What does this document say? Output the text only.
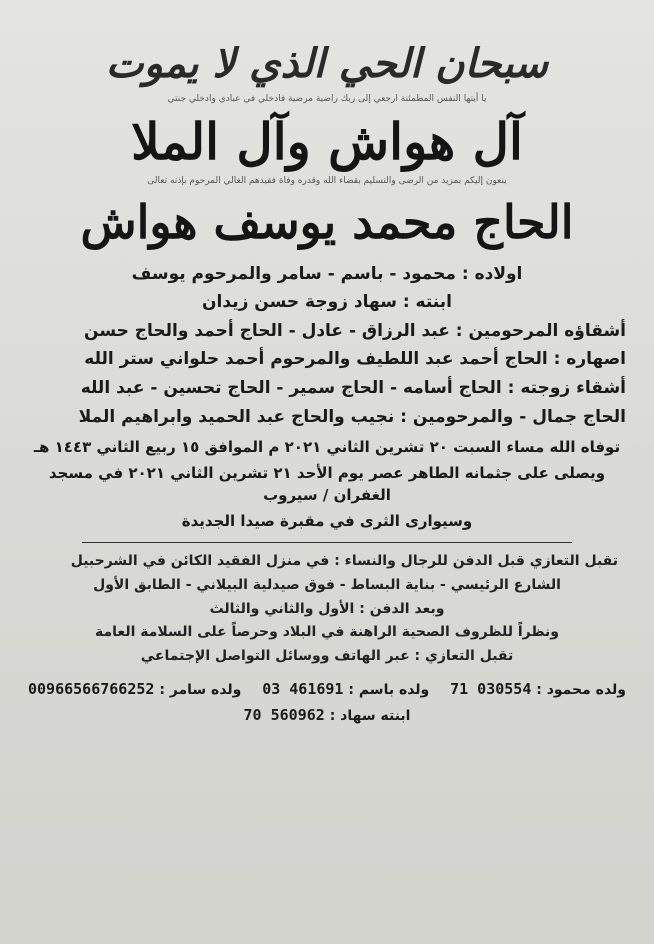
سبحان الحي الذي لا يموت
يا أيتها النفس المطمئنة ارجعي إلى ربك راضية مرضية فادخلي في عبادي وادخلي جنتي
آل هواش وآل الملا
ينعون إليكم بمزيد من الرضى والتسليم بقضاء الله وقدره وفاة فقيدهم الغالي المرحوم بإذنه تعالى
الحاج محمد يوسف هواش
اولاده : محمود - باسم - سامر والمرحوم يوسف
ابنته : سهاد زوجة حسن زيدان
أشقاؤه المرحومين : عبد الرزاق - عادل - الحاج أحمد والحاج حسن
اصهاره : الحاج أحمد عبد اللطيف والمرحوم أحمد حلواني ستر الله
أشقاء زوجته : الحاج أسامه - الحاج سمير - الحاج تحسين - عبد الله
الحاج جمال - والمرحومين : نجيب والحاج عبد الحميد وابراهيم الملا
توفاه الله مساء السبت ٢٠ تشرين الثاني ٢٠٢١ م الموافق ١٥ ربيع الثاني ١٤٤٣ هـ
ويصلى على جثمانه الطاهر عصر يوم الأحد ٢١ تشرين الثاني ٢٠٢١ في مسجد الغفران / سيروب
وسيوارى الثرى في مقبرة صيدا الجديدة
تقبل التعازي قبل الدفن للرجال والنساء : في منزل الفقيد الكائن في الشرحبيل
الشارع الرئيسي - بناية البساط - فوق صيدلية البيلاني - الطابق الأول
وبعد الدفن : الأول والثاني والثالث
ونظراً للظروف الصحية الراهنة في البلاد وحرصاً على السلامة العامة
تقبل التعازي : عبر الهاتف ووسائل التواصل الإجتماعي
ولده محمود : 71 030554
ولده باسم : 03 461691
ولده سامر : 00966566766252
ابنته سهاد : 70 560962
